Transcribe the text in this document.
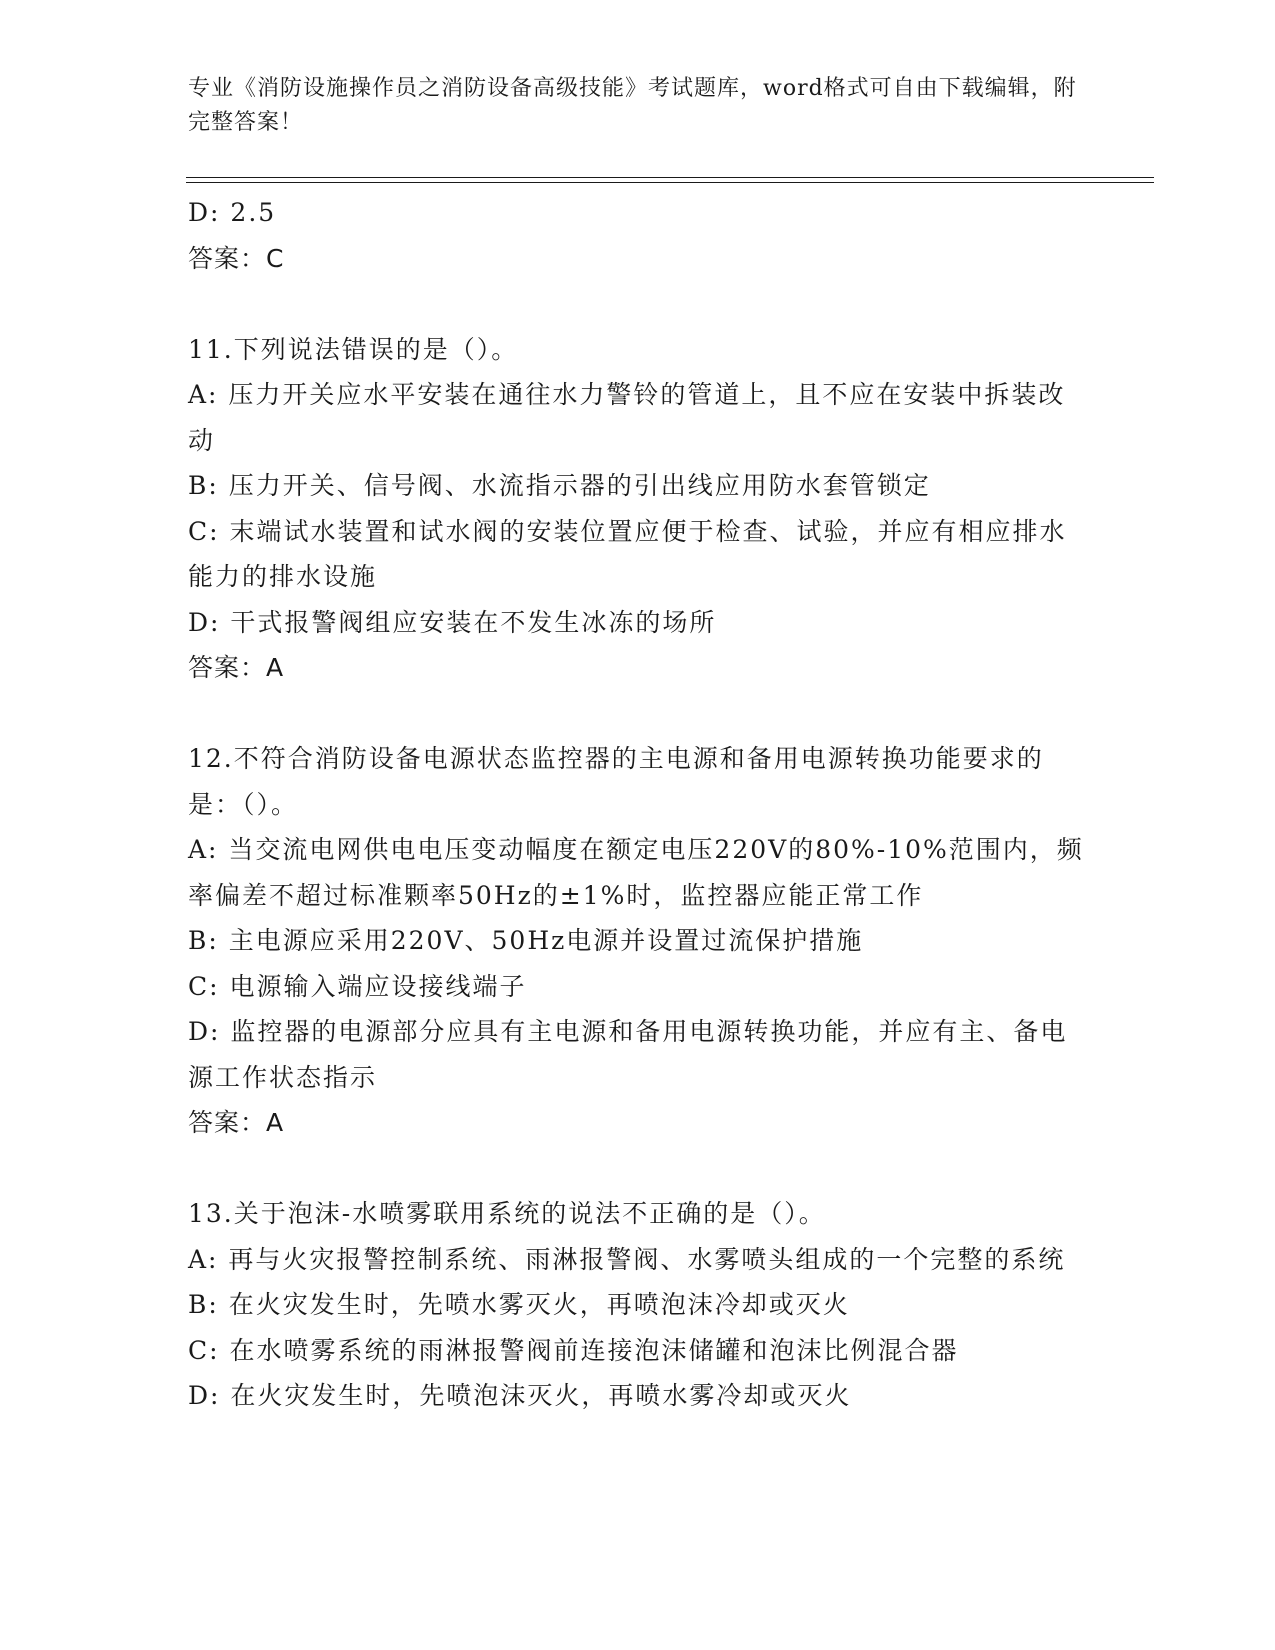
专业《消防设施操作员之消防设备高级技能》考试题库，word格式可自由下载编辑，附完整答案！
D: 2.5
答案：C
11.下列说法错误的是（）。
A: 压力开关应水平安装在通往水力警铃的管道上，且不应在安装中拆装改动
B: 压力开关、信号阀、水流指示器的引出线应用防水套管锁定
C: 末端试水装置和试水阀的安装位置应便于检查、试验，并应有相应排水能力的排水设施
D: 干式报警阀组应安装在不发生冰冻的场所
答案：A
12.不符合消防设备电源状态监控器的主电源和备用电源转换功能要求的是：（）。
A: 当交流电网供电电压变动幅度在额定电压220V的80%-10%范围内，频率偏差不超过标准颗率50Hz的±1%时，监控器应能正常工作
B: 主电源应采用220V、50Hz电源并设置过流保护措施
C: 电源输入端应设接线端子
D: 监控器的电源部分应具有主电源和备用电源转换功能，并应有主、备电源工作状态指示
答案：A
13.关于泡沫-水喷雾联用系统的说法不正确的是（）。
A: 再与火灾报警控制系统、雨淋报警阀、水雾喷头组成的一个完整的系统
B: 在火灾发生时，先喷水雾灭火，再喷泡沫冷却或灭火
C: 在水喷雾系统的雨淋报警阀前连接泡沫储罐和泡沫比例混合器
D: 在火灾发生时，先喷泡沫灭火，再喷水雾冷却或灭火
